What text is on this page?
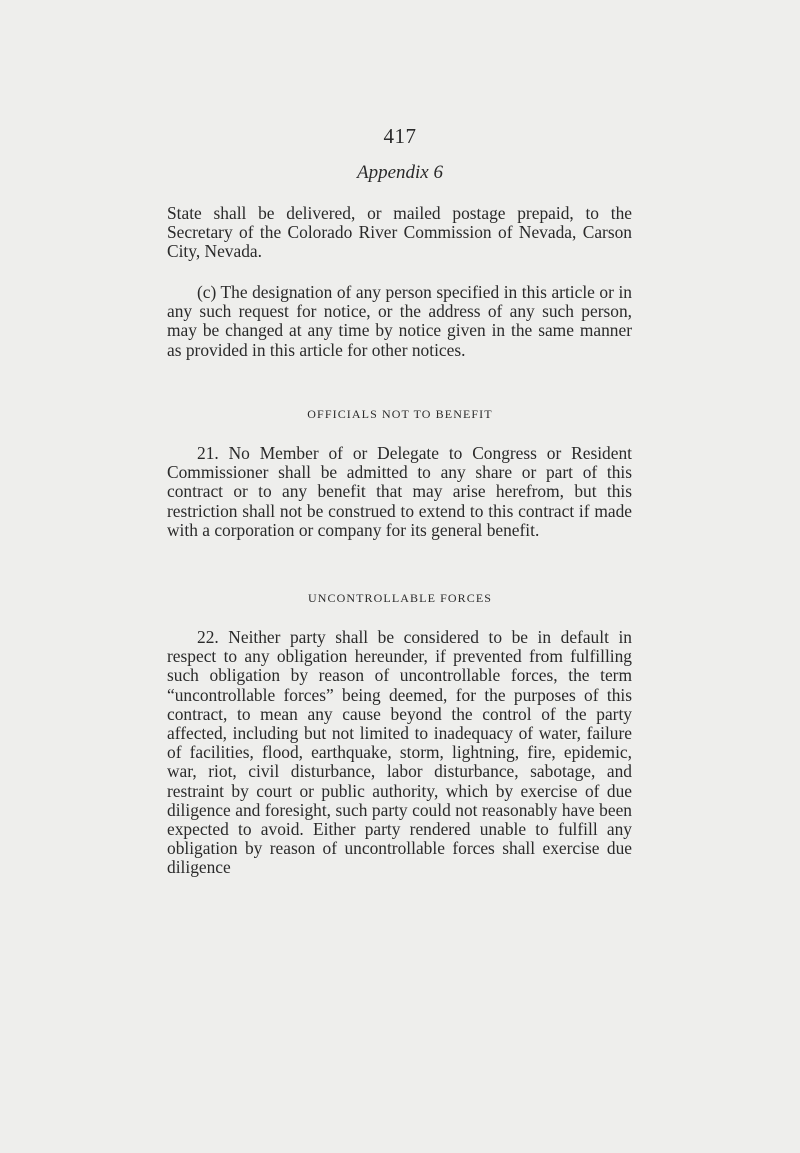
417
Appendix 6

State shall be delivered, or mailed postage prepaid, to the Secretary of the Colorado River Commission of Nevada, Carson City, Nevada.

(c) The designation of any person specified in this article or in any such request for notice, or the address of any such person, may be changed at any time by notice given in the same manner as provided in this article for other notices.

OFFICIALS NOT TO BENEFIT

21. No Member of or Delegate to Congress or Resident Commissioner shall be admitted to any share or part of this contract or to any benefit that may arise herefrom, but this restriction shall not be construed to extend to this contract if made with a corporation or company for its general benefit.

UNCONTROLLABLE FORCES

22. Neither party shall be considered to be in default in respect to any obligation hereunder, if prevented from fulfilling such obligation by reason of uncontrollable forces, the term “uncontrollable forces” being deemed, for the purposes of this contract, to mean any cause beyond the control of the party affected, including but not limited to inadequacy of water, failure of facilities, flood, earthquake, storm, lightning, fire, epidemic, war, riot, civil disturbance, labor disturbance, sabotage, and restraint by court or public authority, which by exercise of due diligence and foresight, such party could not reasonably have been expected to avoid. Either party rendered unable to fulfill any obligation by reason of uncontrollable forces shall exercise due diligence
